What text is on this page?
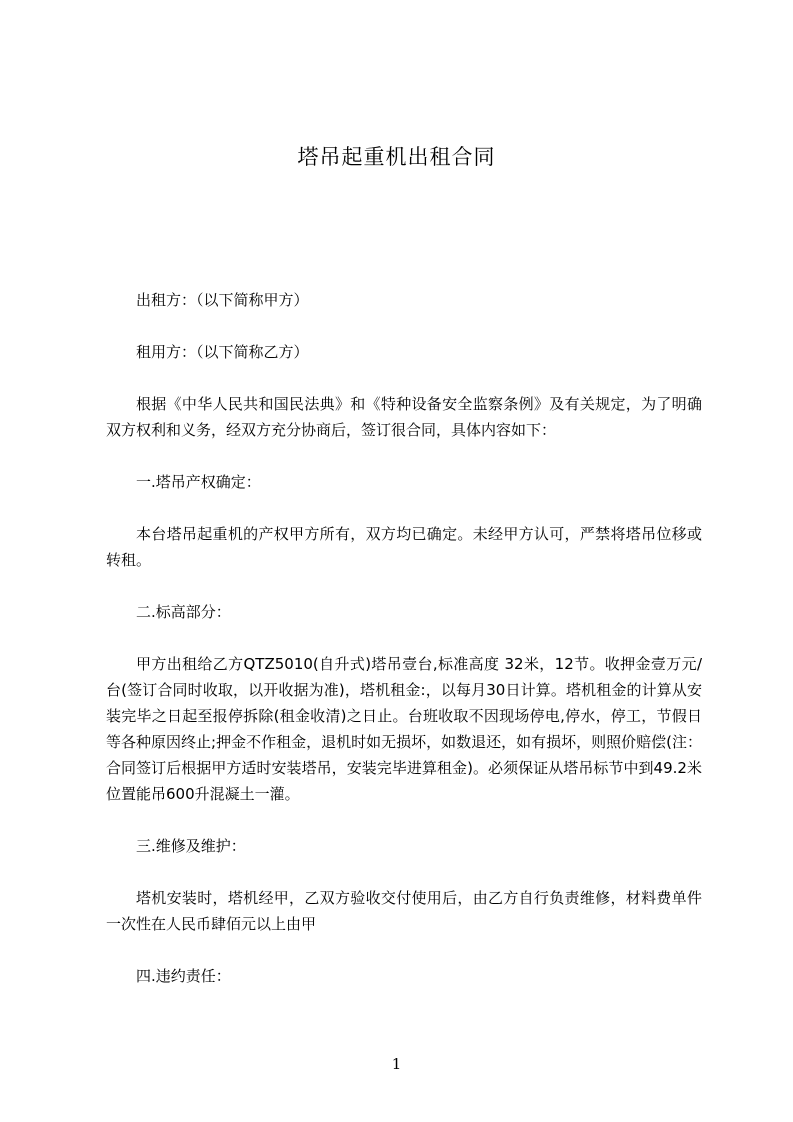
塔吊起重机出租合同

出租方：（以下简称甲方）

租用方：（以下简称乙方）

根据《中华人民共和国民法典》和《特种设备安全监察条例》及有关规定，为了明确双方权利和义务，经双方充分协商后，签订很合同，具体内容如下：

一.塔吊产权确定：

本台塔吊起重机的产权甲方所有，双方均已确定。未经甲方认可，严禁将塔吊位移或转租。

二.标高部分：

甲方出租给乙方QTZ5010(自升式)塔吊壹台,标准高度 32米，12节。收押金壹万元/台(签订合同时收取，以开收据为准)，塔机租金:，以每月30日计算。塔机租金的计算从安装完毕之日起至报停拆除(租金收清)之日止。台班收取不因现场停电,停水，停工，节假日等各种原因终止;押金不作租金，退机时如无损坏，如数退还，如有损坏，则照价赔偿(注：合同签订后根据甲方适时安装塔吊，安装完毕进算租金)。必须保证从塔吊标节中到49.2米位置能吊600升混凝土一灌。

三.维修及维护：

塔机安装时，塔机经甲，乙双方验收交付使用后，由乙方自行负责维修，材料费单件一次性在人民币肆佰元以上由甲

四.违约责任：

1
